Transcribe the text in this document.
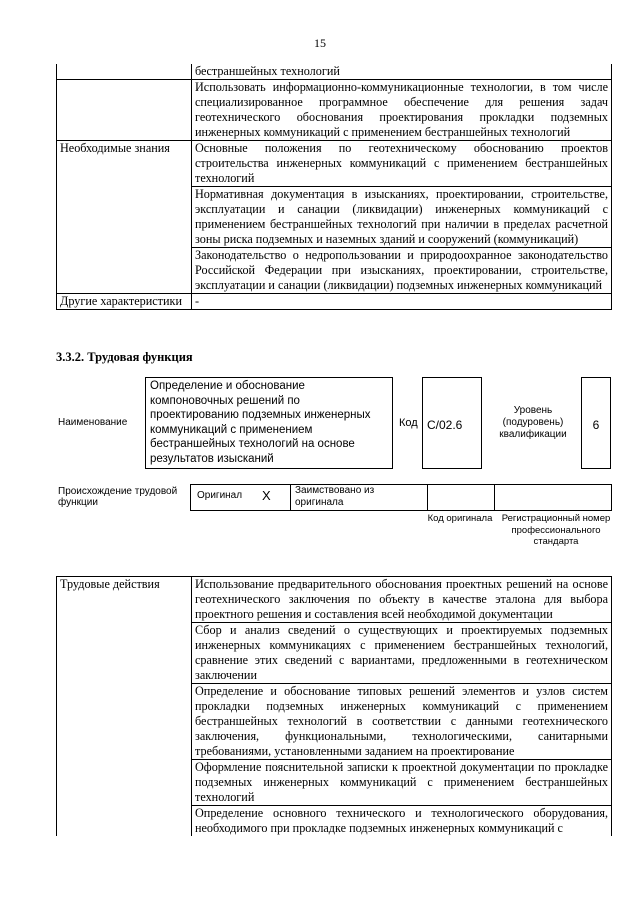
15
	беcтраншейных технологий
	Использовать информационно-коммуникационные технологии, в том числе специализированное программное обеспечение для решения задач геотехнического обоснования проектирования прокладки подземных инженерных коммуникаций с применением бестраншейных технологий
Необходимые знания	Основные положения по геотехническому обоснованию проектов строительства инженерных коммуникаций с применением бестраншейных технологий
	Нормативная документация в изысканиях, проектировании, строительстве, эксплуатации и санации (ликвидации) инженерных коммуникаций с применением бестраншейных технологий при наличии в пределах расчетной зоны риска подземных и наземных зданий и сооружений (коммуникаций)
	Законодательство о недропользовании и природоохранное законодательство Российской Федерации при изысканиях, проектировании, строительстве, эксплуатации и санации (ликвидации) подземных инженерных коммуникаций
Другие характеристики	-
3.3.2. Трудовая функция
Наименование
Определение и обоснование компоновочных решений по проектированию подземных инженерных коммуникаций с применением бестраншейных технологий на основе результатов изысканий
Код C/02.6
Уровень (подуровень) квалификации
6
Происхождение трудовой функции
Оригинал X Заимствовано из оригинала
Код оригинала Регистрационный номер профессионального стандарта
Трудовые действия	Использование предварительного обоснования проектных решений на основе геотехнического заключения по объекту в качестве эталона для выбора проектного решения и составления всей необходимой документации
	Сбор и анализ сведений о существующих и проектируемых подземных инженерных коммуникациях с применением бестраншейных технологий, сравнение этих сведений с вариантами, предложенными в геотехническом заключении
	Определение и обоснование типовых решений элементов и узлов систем прокладки подземных инженерных коммуникаций с применением бестраншейных технологий в соответствии с данными геотехнического заключения, функциональными, технологическими, санитарными требованиями, установленными заданием на проектирование
	Оформление пояснительной записки к проектной документации по прокладке подземных инженерных коммуникаций с применением бестраншейных технологий
	Определение основного технического и технологического оборудования, необходимого при прокладке подземных инженерных коммуникаций с
